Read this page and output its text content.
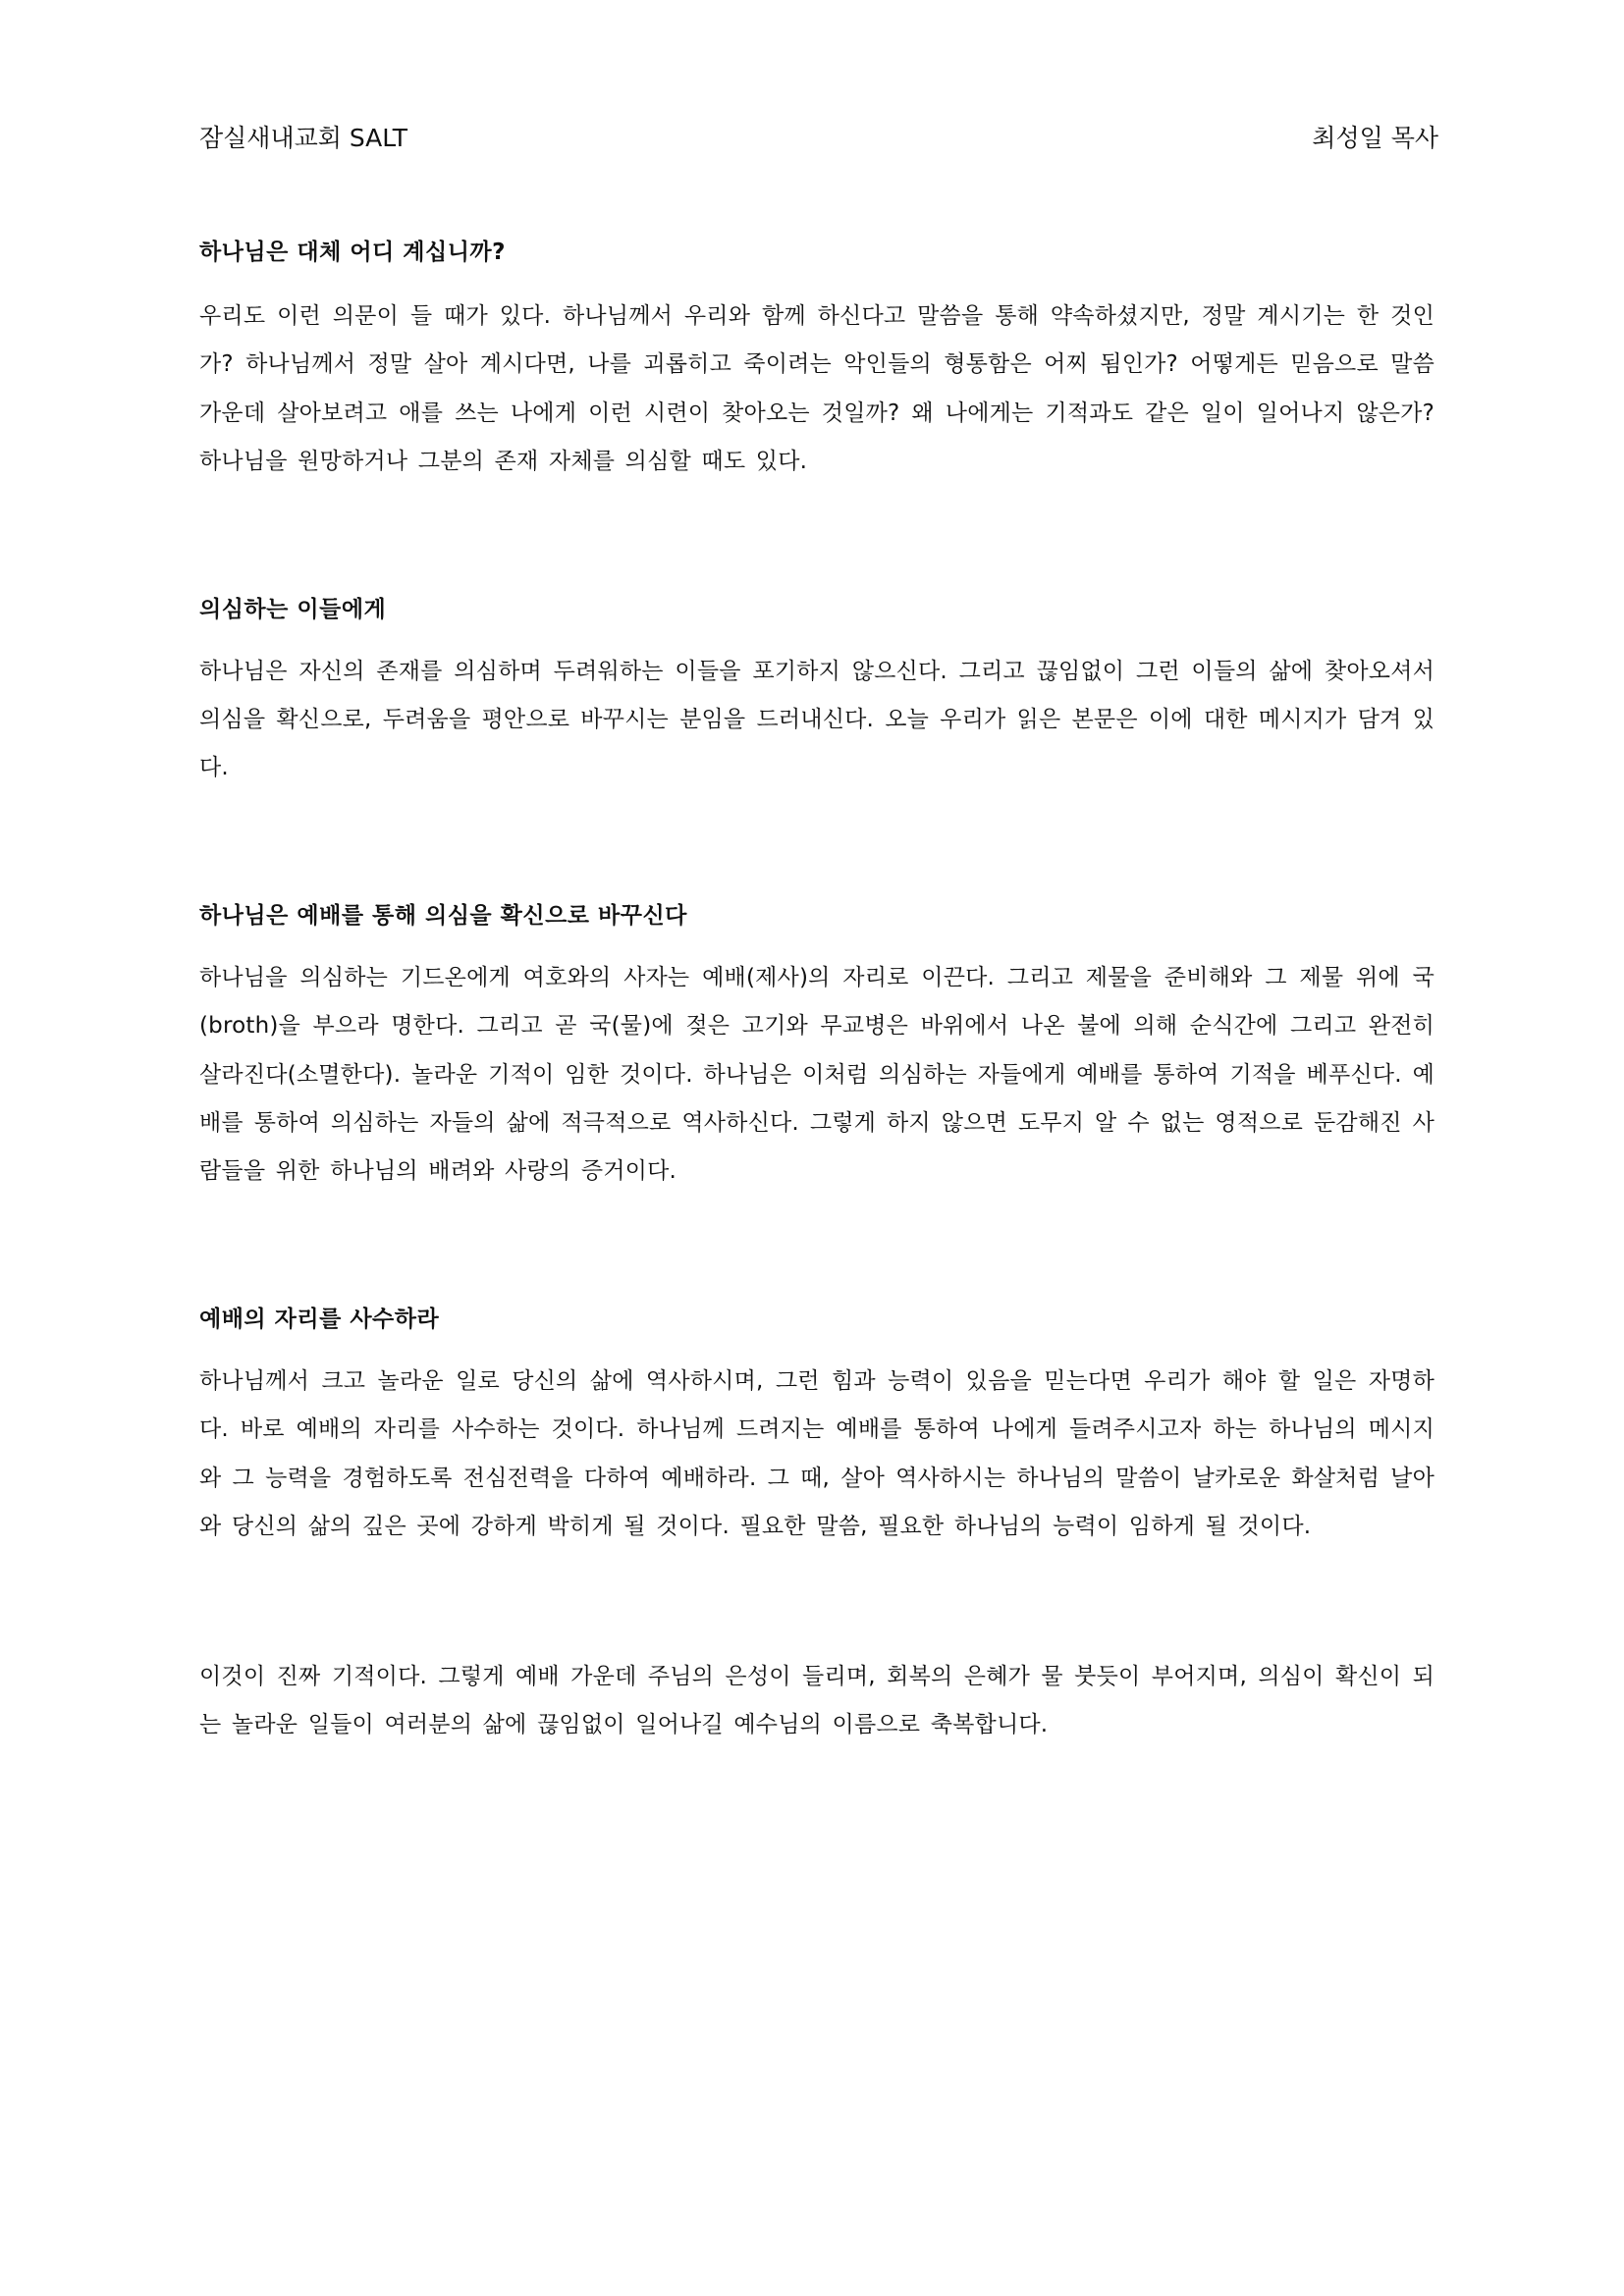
잠실새내교회 SALT	최성일 목사
하나님은 대체 어디 계십니까?

우리도 이런 의문이 들 때가 있다. 하나님께서 우리와 함께 하신다고 말씀을 통해 약속하셨지만, 정말 계시기는 한 것인가? 하나님께서 정말 살아 계시다면, 나를 괴롭히고 죽이려는 악인들의 형통함은 어찌 됨인가? 어떻게든 믿음으로 말씀 가운데 살아보려고 애를 쓰는 나에게 이런 시련이 찾아오는 것일까? 왜 나에게는 기적과도 같은 일이 일어나지 않은가? 하나님을 원망하거나 그분의 존재 자체를 의심할 때도 있다.

의심하는 이들에게

하나님은 자신의 존재를 의심하며 두려워하는 이들을 포기하지 않으신다. 그리고 끊임없이 그런 이들의 삶에 찾아오셔서 의심을 확신으로, 두려움을 평안으로 바꾸시는 분임을 드러내신다. 오늘 우리가 읽은 본문은 이에 대한 메시지가 담겨 있다.

하나님은 예배를 통해 의심을 확신으로 바꾸신다

하나님을 의심하는 기드온에게 여호와의 사자는 예배(제사)의 자리로 이끈다. 그리고 제물을 준비해와 그 제물 위에 국(broth)을 부으라 명한다. 그리고 곧 국(물)에 젖은 고기와 무교병은 바위에서 나온 불에 의해 순식간에 그리고 완전히 살라진다(소멸한다). 놀라운 기적이 임한 것이다. 하나님은 이처럼 의심하는 자들에게 예배를 통하여 기적을 베푸신다. 예배를 통하여 의심하는 자들의 삶에 적극적으로 역사하신다. 그렇게 하지 않으면 도무지 알 수 없는 영적으로 둔감해진 사람들을 위한 하나님의 배려와 사랑의 증거이다.

예배의 자리를 사수하라

하나님께서 크고 놀라운 일로 당신의 삶에 역사하시며, 그런 힘과 능력이 있음을 믿는다면 우리가 해야 할 일은 자명하다. 바로 예배의 자리를 사수하는 것이다. 하나님께 드려지는 예배를 통하여 나에게 들려주시고자 하는 하나님의 메시지와 그 능력을 경험하도록 전심전력을 다하여 예배하라. 그 때, 살아 역사하시는 하나님의 말씀이 날카로운 화살처럼 날아와 당신의 삶의 깊은 곳에 강하게 박히게 될 것이다. 필요한 말씀, 필요한 하나님의 능력이 임하게 될 것이다.

이것이 진짜 기적이다. 그렇게 예배 가운데 주님의 은성이 들리며, 회복의 은혜가 물 붓듯이 부어지며, 의심이 확신이 되는 놀라운 일들이 여러분의 삶에 끊임없이 일어나길 예수님의 이름으로 축복합니다.
